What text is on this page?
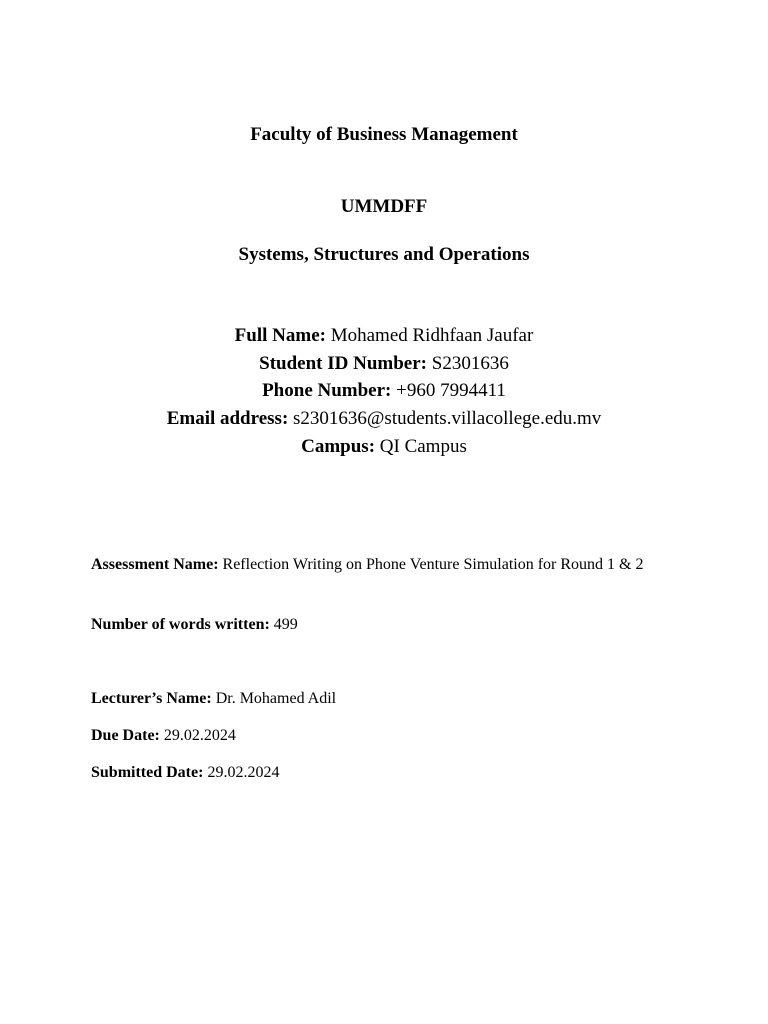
Faculty of Business Management
UMMDFF
Systems, Structures and Operations
Full Name: Mohamed Ridhfaan Jaufar
Student ID Number: S2301636
Phone Number: +960 7994411
Email address: s2301636@students.villacollege.edu.mv
Campus: QI Campus
Assessment Name: Reflection Writing on Phone Venture Simulation for Round 1 & 2
Number of words written: 499
Lecturer’s Name: Dr. Mohamed Adil
Due Date: 29.02.2024
Submitted Date: 29.02.2024
